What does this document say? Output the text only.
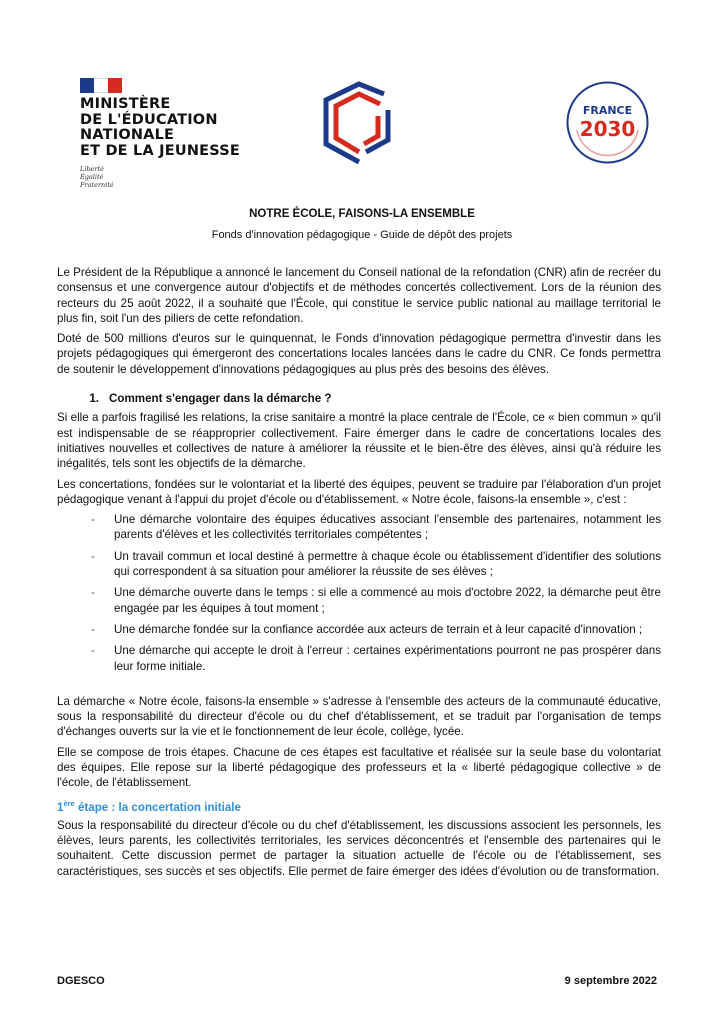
MINISTÈRE
DE L'ÉDUCATION
NATIONALE
ET DE LA JEUNESSE
Liberté
Égalité
Fraternité
FRANCE
2030
NOTRE ÉCOLE, FAISONS-LA ENSEMBLE
Fonds d'innovation pédagogique - Guide de dépôt des projets

Le Président de la République a annoncé le lancement du Conseil national de la refondation (CNR) afin de recréer du consensus et une convergence autour d'objectifs et de méthodes concertés collectivement. Lors de la réunion des recteurs du 25 août 2022, il a souhaité que l'École, qui constitue le service public national au maillage territorial le plus fin, soit l'un des piliers de cette refondation.

Doté de 500 millions d'euros sur le quinquennat, le Fonds d'innovation pédagogique permettra d'investir dans les projets pédagogiques qui émergeront des concertations locales lancées dans le cadre du CNR. Ce fonds permettra de soutenir le développement d'innovations pédagogiques au plus près des besoins des élèves.

1. Comment s'engager dans la démarche ?

Si elle a parfois fragilisé les relations, la crise sanitaire a montré la place centrale de l'École, ce « bien commun » qu'il est indispensable de se réapproprier collectivement. Faire émerger dans le cadre de concertations locales des initiatives nouvelles et collectives de nature à améliorer la réussite et le bien-être des élèves, ainsi qu'à réduire les inégalités, tels sont les objectifs de la démarche.

Les concertations, fondées sur le volontariat et la liberté des équipes, peuvent se traduire par l'élaboration d'un projet pédagogique venant à l'appui du projet d'école ou d'établissement. « Notre école, faisons-la ensemble », c'est :

-	Une démarche volontaire des équipes éducatives associant l'ensemble des partenaires, notamment les parents d'élèves et les collectivités territoriales compétentes ;
-	Un travail commun et local destiné à permettre à chaque école ou établissement d'identifier des solutions qui correspondent à sa situation pour améliorer la réussite de ses élèves ;
-	Une démarche ouverte dans le temps : si elle a commencé au mois d'octobre 2022, la démarche peut être engagée par les équipes à tout moment ;
-	Une démarche fondée sur la confiance accordée aux acteurs de terrain et à leur capacité d'innovation ;
-	Une démarche qui accepte le droit à l'erreur : certaines expérimentations pourront ne pas prospérer dans leur forme initiale.

La démarche « Notre école, faisons-la ensemble » s'adresse à l'ensemble des acteurs de la communauté éducative, sous la responsabilité du directeur d'école ou du chef d'établissement, et se traduit par l'organisation de temps d'échanges ouverts sur la vie et le fonctionnement de leur école, collège, lycée.

Elle se compose de trois étapes. Chacune de ces étapes est facultative et réalisée sur la seule base du volontariat des équipes. Elle repose sur la liberté pédagogique des professeurs et la « liberté pédagogique collective » de l'école, de l'établissement.

1ère étape : la concertation initiale

Sous la responsabilité du directeur d'école ou du chef d'établissement, les discussions associent les personnels, les élèves, leurs parents, les collectivités territoriales, les services déconcentrés et l'ensemble des partenaires qui le souhaitent. Cette discussion permet de partager la situation actuelle de l'école ou de l'établissement, ses caractéristiques, ses succès et ses objectifs. Elle permet de faire émerger des idées d'évolution ou de transformation.

DGESCO	9 septembre 2022
